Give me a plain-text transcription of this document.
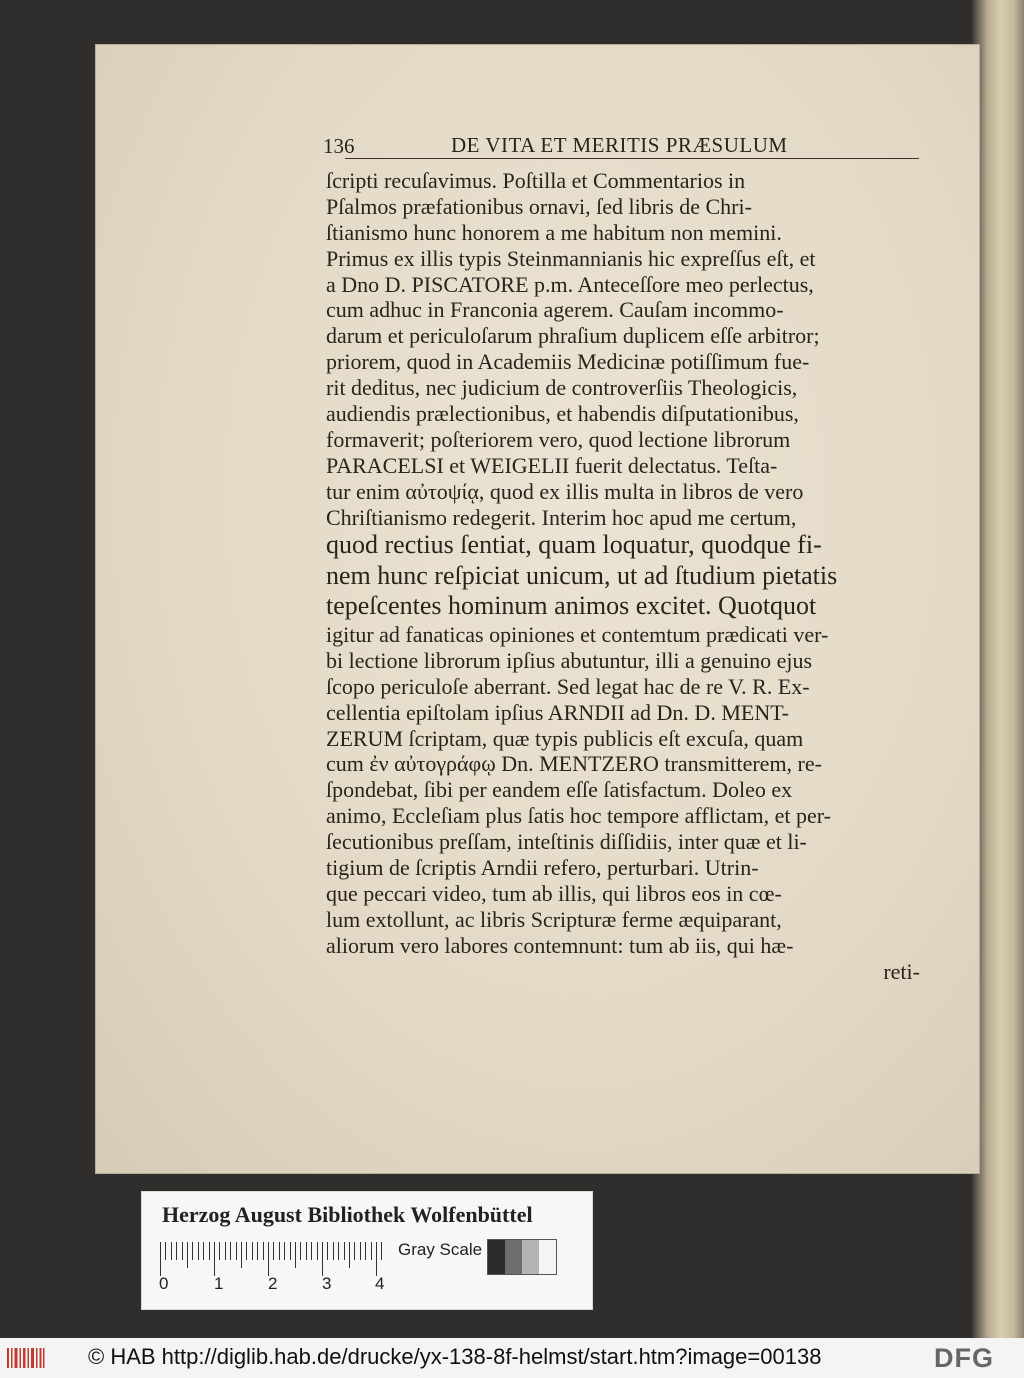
136	DE VITA ET MERITIS PRÆSULUM
ſcripti recuſavimus. Poſtilla et Commentarios in
Pſalmos præfationibus ornavi, ſed libris de Chri-
ſtianismo hunc honorem a me habitum non memini.
Primus ex illis typis Steinmannianis hic expreſſus eſt, et
a Dno D. PISCATORE p.m. Anteceſſore meo perlectus,
cum adhuc in Franconia agerem. Cauſam incommo-
darum et periculoſarum phraſium duplicem eſſe arbitror;
priorem, quod in Academiis Medicinæ potiſſimum fue-
rit deditus, nec judicium de controverſiis Theologicis,
audiendis prælectionibus, et habendis diſputationibus,
formaverit; poſteriorem vero, quod lectione librorum
PARACELSI et WEIGELII fuerit delectatus. Teſta-
tur enim αὐτοψίᾳ, quod ex illis multa in libros de vero
Chriſtianismo redegerit. Interim hoc apud me certum,
quod rectius ſentiat, quam loquatur, quodque fi-
nem hunc reſpiciat unicum, ut ad ſtudium pietatis
tepeſcentes hominum animos excitet. Quotquot
igitur ad fanaticas opiniones et contemtum prædicati ver-
bi lectione librorum ipſius abutuntur, illi a genuino ejus
ſcopo periculoſe aberrant. Sed legat hac de re V. R. Ex-
cellentia epiſtolam ipſius ARNDII ad Dn. D. MENT-
ZERUM ſcriptam, quæ typis publicis eſt excuſa, quam
cum ἐν αὐτογράφῳ Dn. MENTZERO transmitterem, re-
ſpondebat, ſibi per eandem eſſe ſatisfactum. Doleo ex
animo, Eccleſiam plus ſatis hoc tempore afflictam, et per-
ſecutionibus preſſam, inteſtinis diſſidiis, inter quæ et li-
tigium de ſcriptis Arndii refero, perturbari. Utrin-
que peccari video, tum ab illis, qui libros eos in cœ-
lum extollunt, ac libris Scripturæ ferme æquiparant,
aliorum vero labores contemnunt: tum ab iis, qui hæ-
reti-
Herzog August Bibliothek Wolfenbüttel
0	1	2	3	4
Gray Scale
© HAB http://diglib.hab.de/drucke/yx-138-8f-helmst/start.htm?image=00138	DFG
